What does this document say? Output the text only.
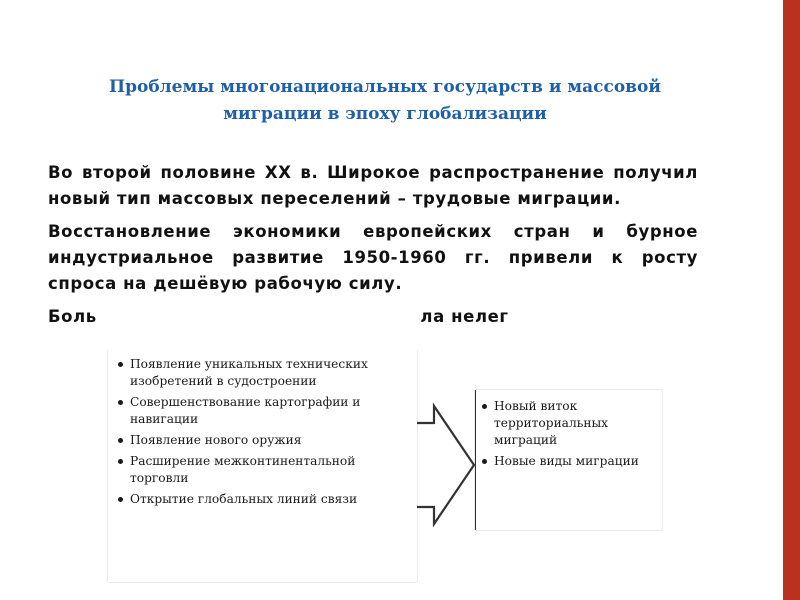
Проблемы многонациональных государств и массовой
миграции в эпоху глобализации

Во второй половине XX в. Широкое распространение получил новый тип массовых переселений – трудовые миграции.

Восстановление экономики европейских стран и бурное индустриальное развитие 1950-1960 гг. привели к росту спроса на дешёвую рабочую силу.

Боль                                                   ла нелег

Появление уникальных технических изобретений в судостроении
Совершенствование картографии и навигации
Появление нового оружия
Расширение межконтинентальной торговли
Открытие глобальных линий связи
Новый виток территориальных миграций
Новые виды миграции
